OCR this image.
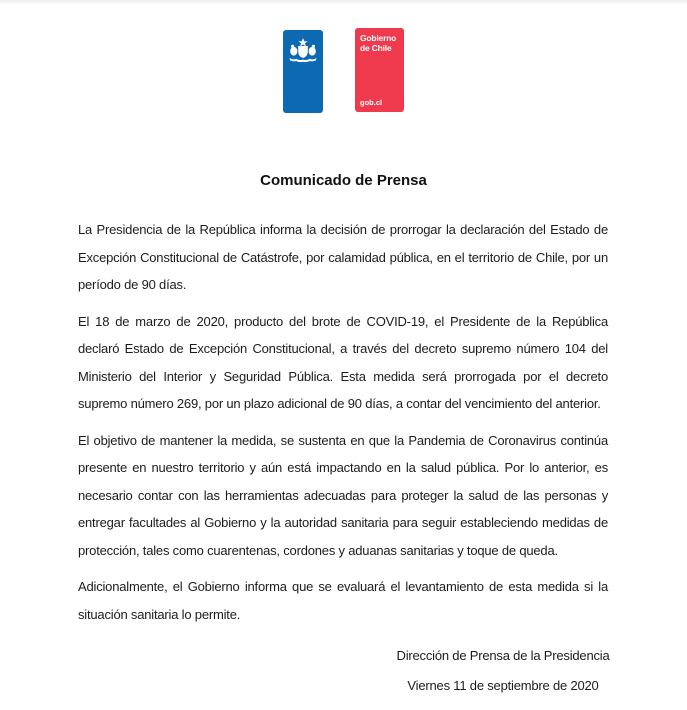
Gobierno
de Chile
gob.cl
Comunicado de Prensa

La Presidencia de la República informa la decisión de prorrogar la declaración del Estado de Excepción Constitucional de Catástrofe, por calamidad pública, en el territorio de Chile, por un período de 90 días.

El 18 de marzo de 2020, producto del brote de COVID-19, el Presidente de la República declaró Estado de Excepción Constitucional, a través del decreto supremo número 104 del Ministerio del Interior y Seguridad Pública. Esta medida será prorrogada por el decreto supremo número 269, por un plazo adicional de 90 días, a contar del vencimiento del anterior.

El objetivo de mantener la medida, se sustenta en que la Pandemia de Coronavirus continúa presente en nuestro territorio y aún está impactando en la salud pública. Por lo anterior, es necesario contar con las herramientas adecuadas para proteger la salud de las personas y entregar facultades al Gobierno y la autoridad sanitaria para seguir estableciendo medidas de protección, tales como cuarentenas, cordones y aduanas sanitarias y toque de queda.

Adicionalmente, el Gobierno informa que se evaluará el levantamiento de esta medida si la situación sanitaria lo permite.

Dirección de Prensa de la Presidencia
Viernes 11 de septiembre de 2020
